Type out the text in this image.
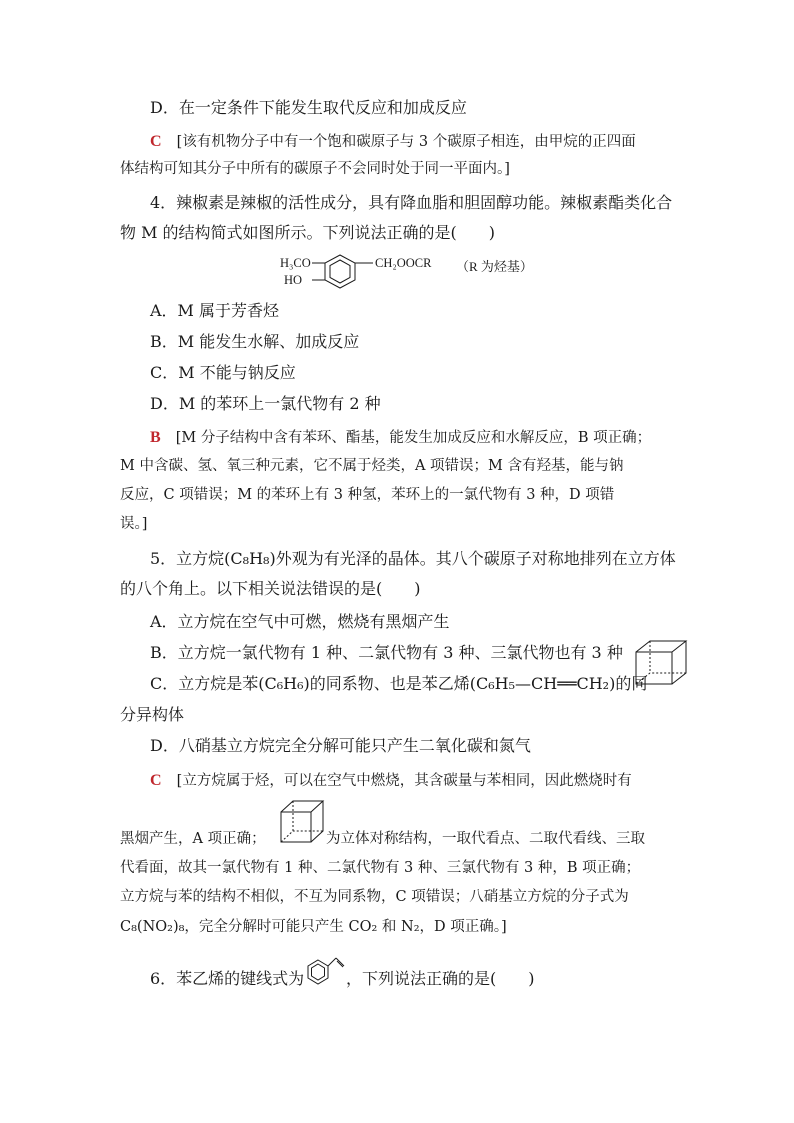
D．在一定条件下能发生取代反应和加成反应
C [该有机物分子中有一个饱和碳原子与 3 个碳原子相连，由甲烷的正四面
体结构可知其分子中所有的碳原子不会同时处于同一平面内。]
4．辣椒素是辣椒的活性成分，具有降血脂和胆固醇功能。辣椒素酯类化合
物 M 的结构简式如图所示。下列说法正确的是(　　)
H₃CO
HO
CH₂OOCR （R 为烃基）
A．M 属于芳香烃
B．M 能发生水解、加成反应
C．M 不能与钠反应
D．M 的苯环上一氯代物有 2 种
B [M 分子结构中含有苯环、酯基，能发生加成反应和水解反应，B 项正确；
M 中含碳、氢、氧三种元素，它不属于烃类，A 项错误；M 含有羟基，能与钠
反应，C 项错误；M 的苯环上有 3 种氢，苯环上的一氯代物有 3 种，D 项错
误。]
5．立方烷(C₈H₈)外观为有光泽的晶体。其八个碳原子对称地排列在立方体
的八个角上。以下相关说法错误的是(　　)
A．立方烷在空气中可燃，燃烧有黑烟产生
B．立方烷一氯代物有 1 种、二氯代物有 3 种、三氯代物也有 3 种
C．立方烷是苯(C₆H₆)的同系物、也是苯乙烯(C₆H₅—CH══CH₂)的同
分异构体
D．八硝基立方烷完全分解可能只产生二氧化碳和氮气
C [立方烷属于烃，可以在空气中燃烧，其含碳量与苯相同，因此燃烧时有
黑烟产生，A 项正确；	为立体对称结构，一取代看点、二取代看线、三取
代看面，故其一氯代物有 1 种、二氯代物有 3 种、三氯代物有 3 种，B 项正确；
立方烷与苯的结构不相似，不互为同系物，C 项错误；八硝基立方烷的分子式为
C₈(NO₂)₈，完全分解时可能只产生 CO₂ 和 N₂，D 项正确。]
6．苯乙烯的键线式为	，下列说法正确的是(　　)
